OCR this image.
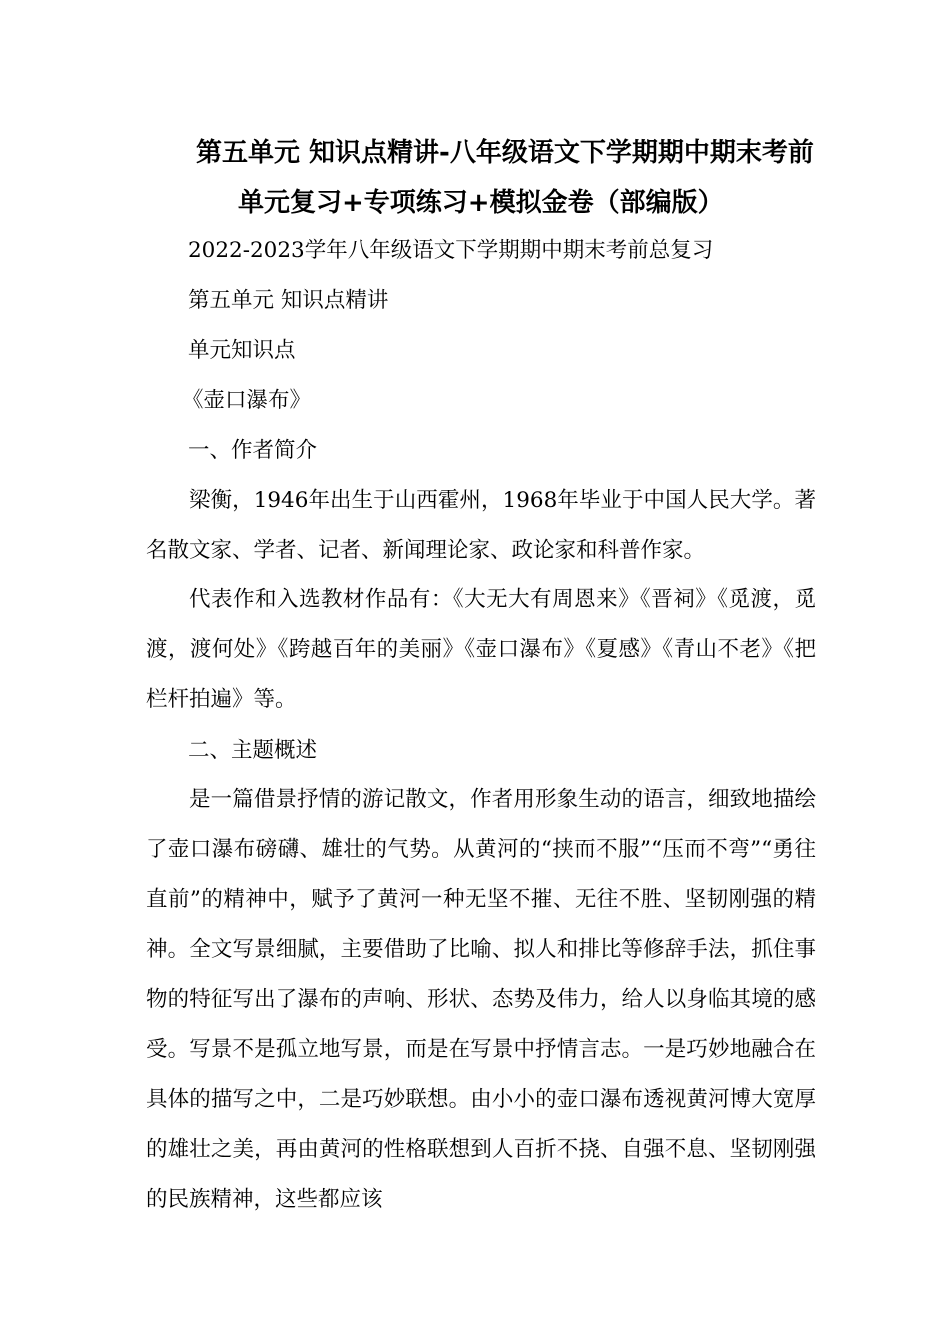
第五单元 知识点精讲-八年级语文下学期期中期末考前
单元复习+专项练习+模拟金卷（部编版）
2022-2023学年八年级语文下学期期中期末考前总复习
第五单元 知识点精讲
单元知识点
《壶口瀑布》
一、作者简介
梁衡，1946年出生于山西霍州，1968年毕业于中国人民大学。著名散文家、学者、记者、新闻理论家、政论家和科普作家。
代表作和入选教材作品有：《大无大有周恩来》《晋祠》《觅渡，觅渡，渡何处》《跨越百年的美丽》《壶口瀑布》《夏感》《青山不老》《把栏杆拍遍》等。
二、主题概述
是一篇借景抒情的游记散文，作者用形象生动的语言，细致地描绘了壶口瀑布磅礴、雄壮的气势。从黄河的“挟而不服”“压而不弯”“勇往直前”的精神中，赋予了黄河一种无坚不摧、无往不胜、坚韧刚强的精神。全文写景细腻，主要借助了比喻、拟人和排比等修辞手法，抓住事物的特征写出了瀑布的声响、形状、态势及伟力，给人以身临其境的感受。写景不是孤立地写景，而是在写景中抒情言志。一是巧妙地融合在具体的描写之中，二是巧妙联想。由小小的壶口瀑布透视黄河博大宽厚的雄壮之美，再由黄河的性格联想到人百折不挠、自强不息、坚韧刚强的民族精神，这些都应该
